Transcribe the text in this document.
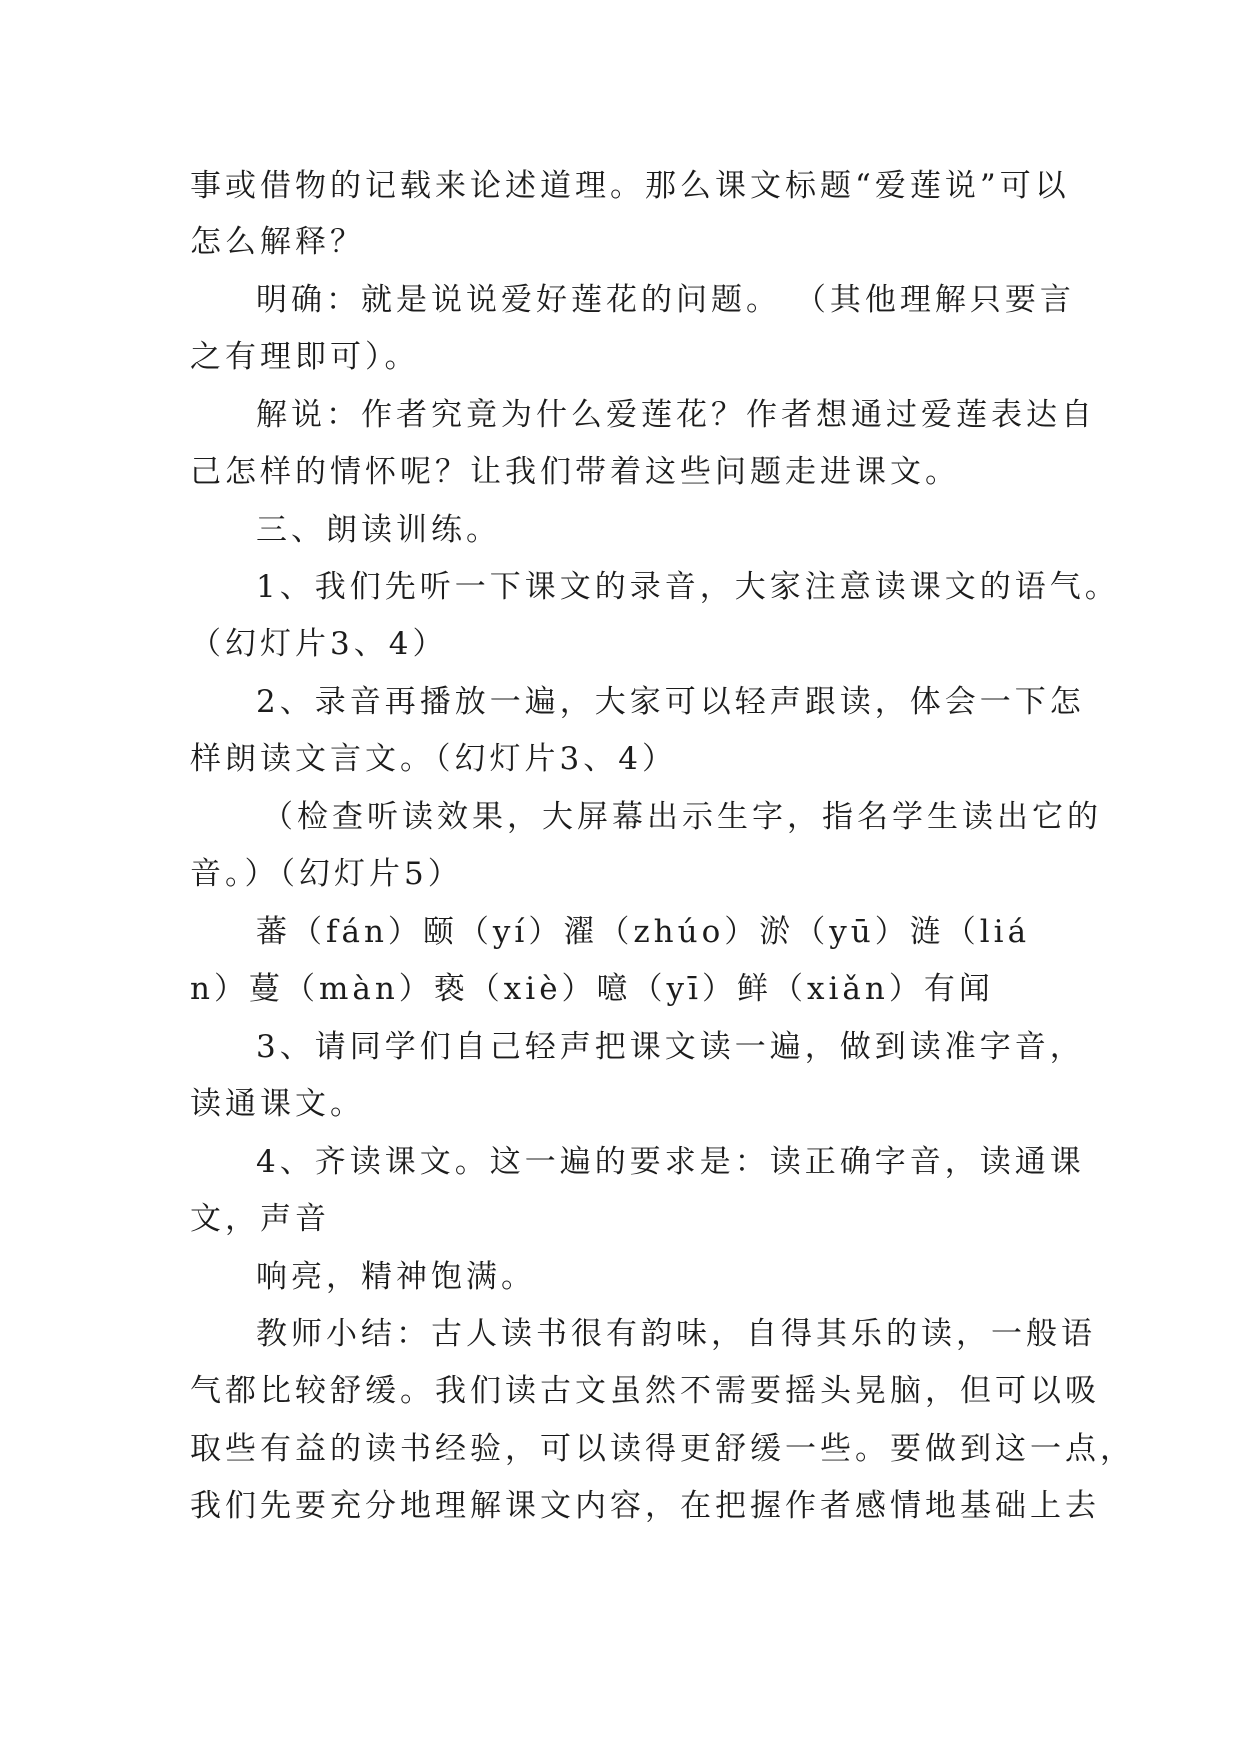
事或借物的记载来论述道理。那么课文标题“爱莲说”可以
怎么解释？
明确：就是说说爱好莲花的问题。 （其他理解只要言
之有理即可）。
解说：作者究竟为什么爱莲花？作者想通过爱莲表达自
己怎样的情怀呢？让我们带着这些问题走进课文。
三、朗读训练。
1、我们先听一下课文的录音，大家注意读课文的语气。
（幻灯片3、4）
2、录音再播放一遍，大家可以轻声跟读，体会一下怎
样朗读文言文。（幻灯片3、4）
（检查听读效果，大屏幕出示生字，指名学生读出它的
音。）（幻灯片5）
蕃（fán）颐（yí）濯（zhúo）淤（yū）涟（liá
n）蔓（màn）亵（xiè）噫（yī）鲜（xiǎn）有闻
3、请同学们自己轻声把课文读一遍，做到读准字音，
读通课文。
4、齐读课文。这一遍的要求是：读正确字音，读通课
文，声音
响亮，精神饱满。
教师小结：古人读书很有韵味，自得其乐的读，一般语
气都比较舒缓。我们读古文虽然不需要摇头晃脑，但可以吸
取些有益的读书经验，可以读得更舒缓一些。要做到这一点，
我们先要充分地理解课文内容，在把握作者感情地基础上去
